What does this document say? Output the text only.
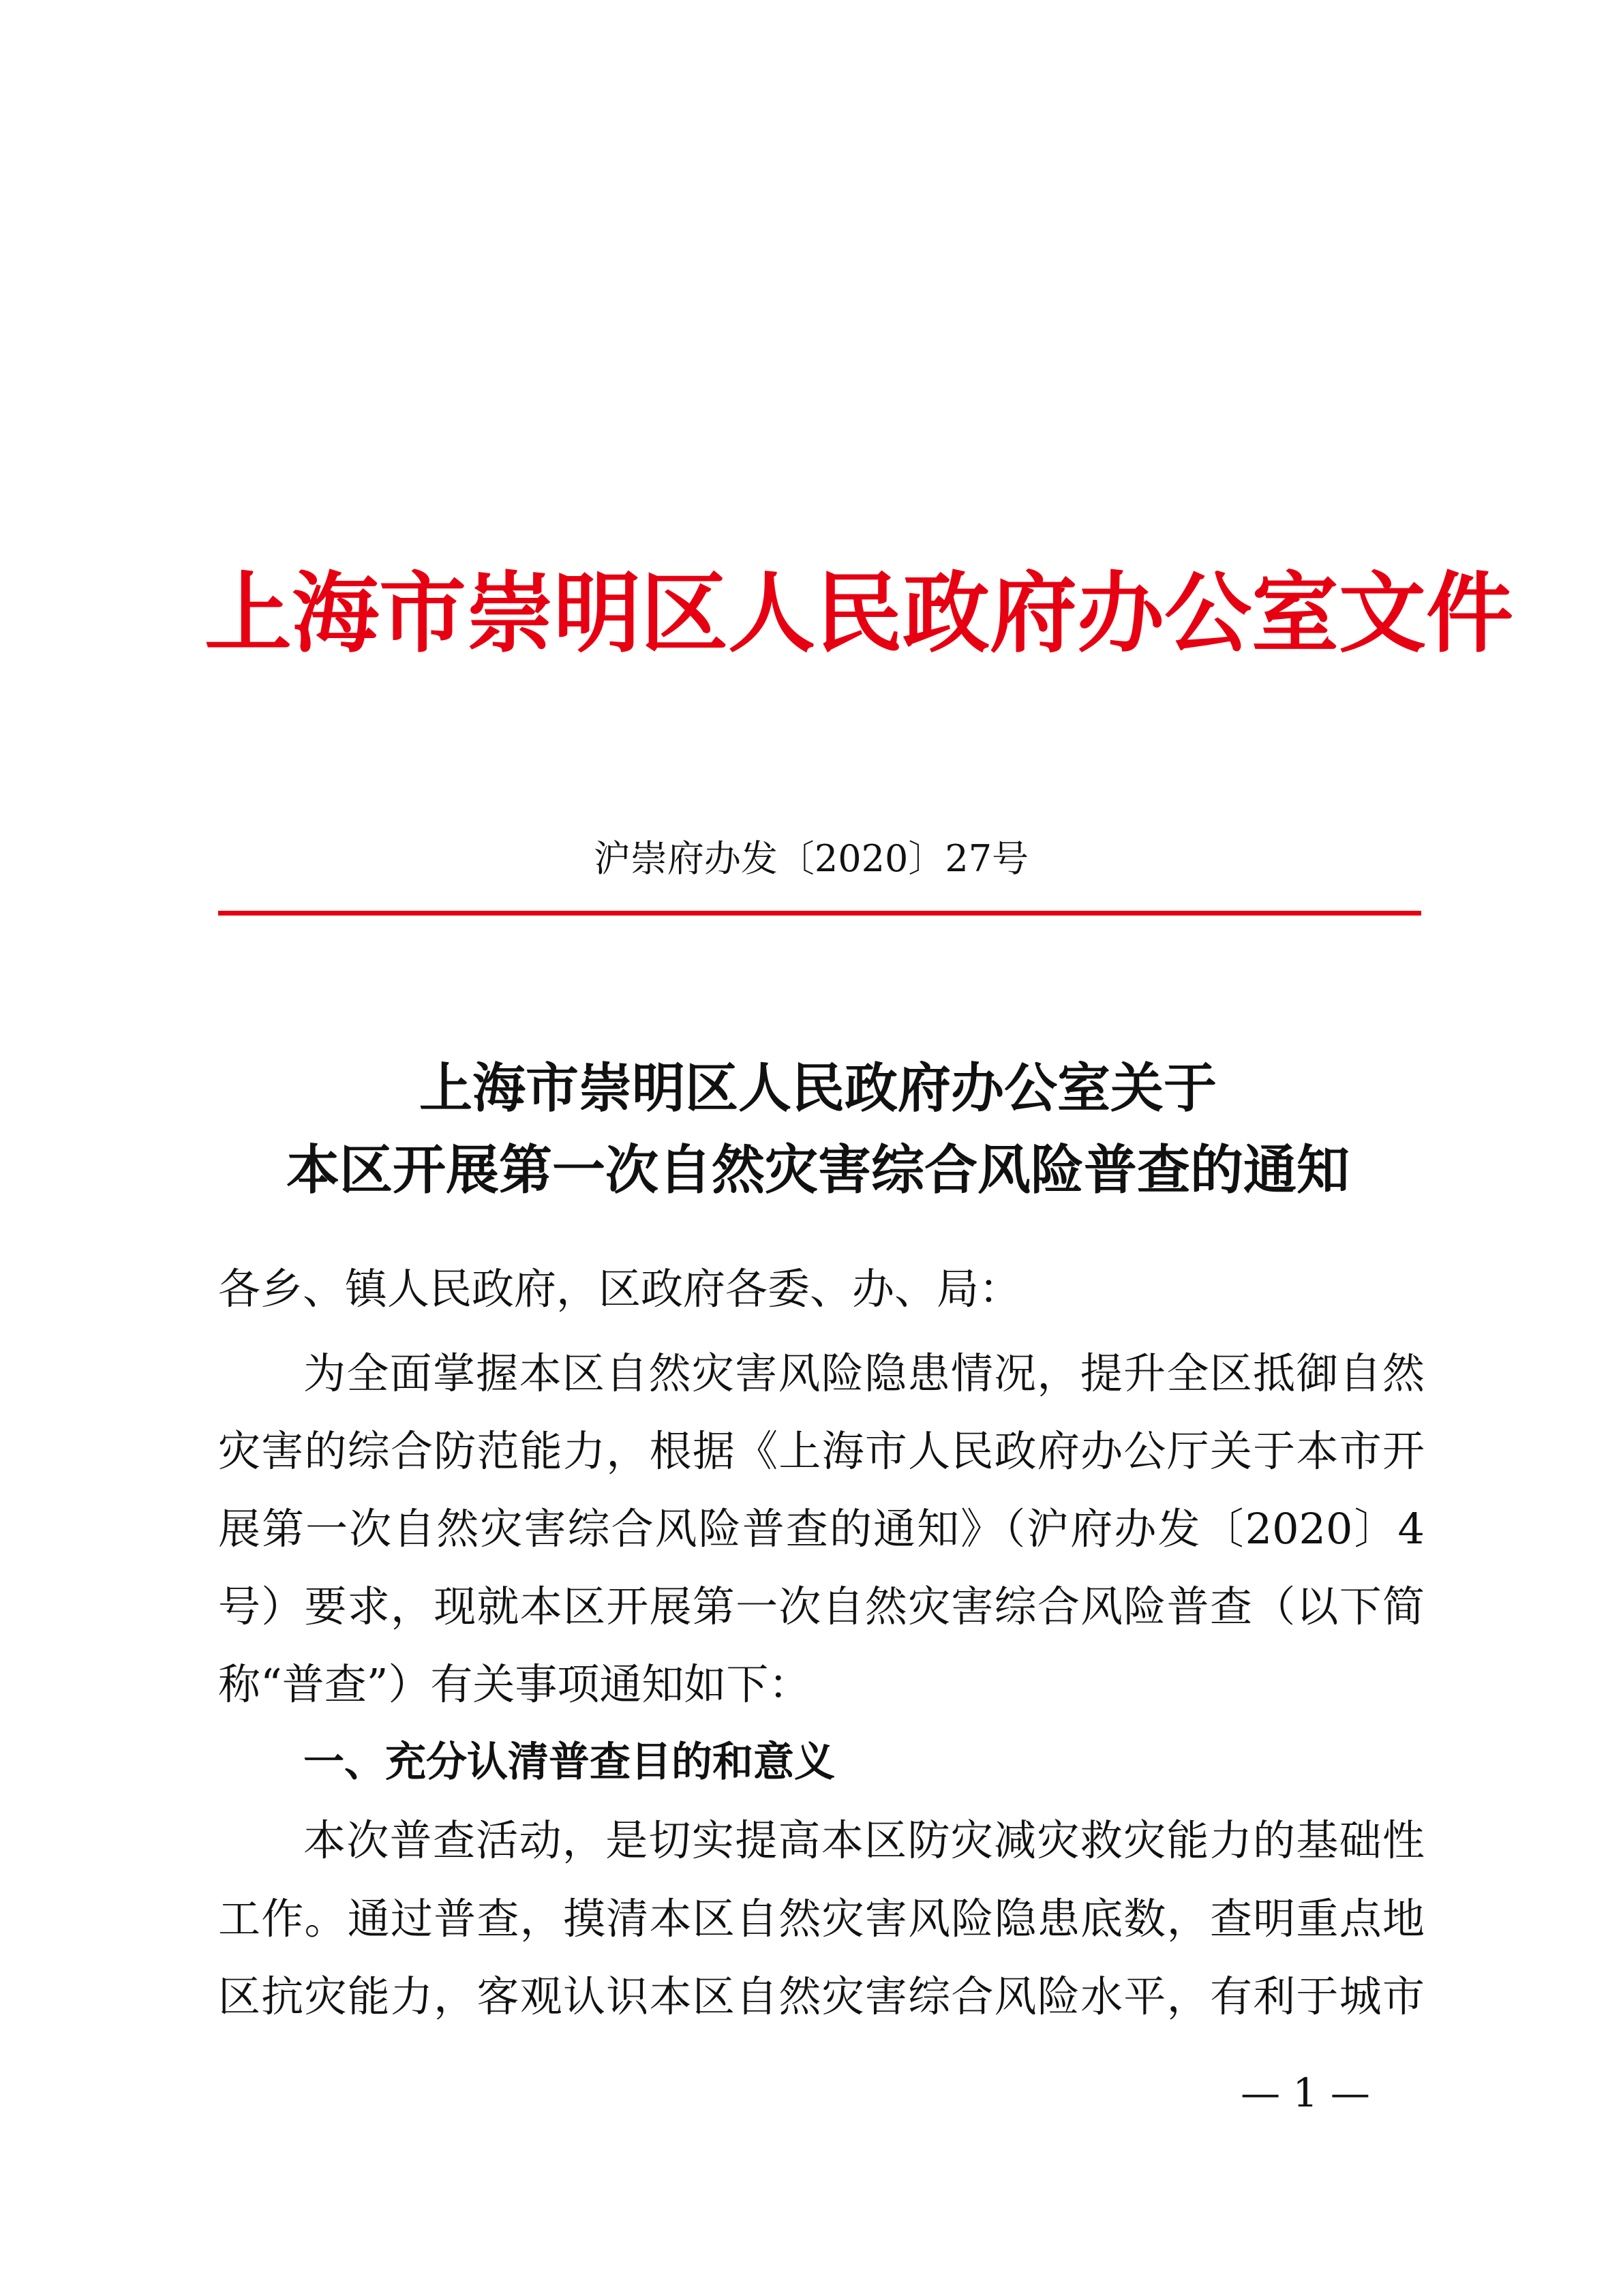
上海市崇明区人民政府办公室文件
沪崇府办发〔2020〕27号
上海市崇明区人民政府办公室关于
本区开展第一次自然灾害综合风险普查的通知
各乡、镇人民政府，区政府各委、办、局：
为全面掌握本区自然灾害风险隐患情况，提升全区抵御自然
灾害的综合防范能力，根据《上海市人民政府办公厅关于本市开
展第一次自然灾害综合风险普查的通知》（沪府办发〔2020〕4
号）要求，现就本区开展第一次自然灾害综合风险普查（以下简
称“普查”）有关事项通知如下：
一、充分认清普查目的和意义
本次普查活动，是切实提高本区防灾减灾救灾能力的基础性
工作。通过普查，摸清本区自然灾害风险隐患底数，查明重点地
区抗灾能力，客观认识本区自然灾害综合风险水平，有利于城市
— 1 —
